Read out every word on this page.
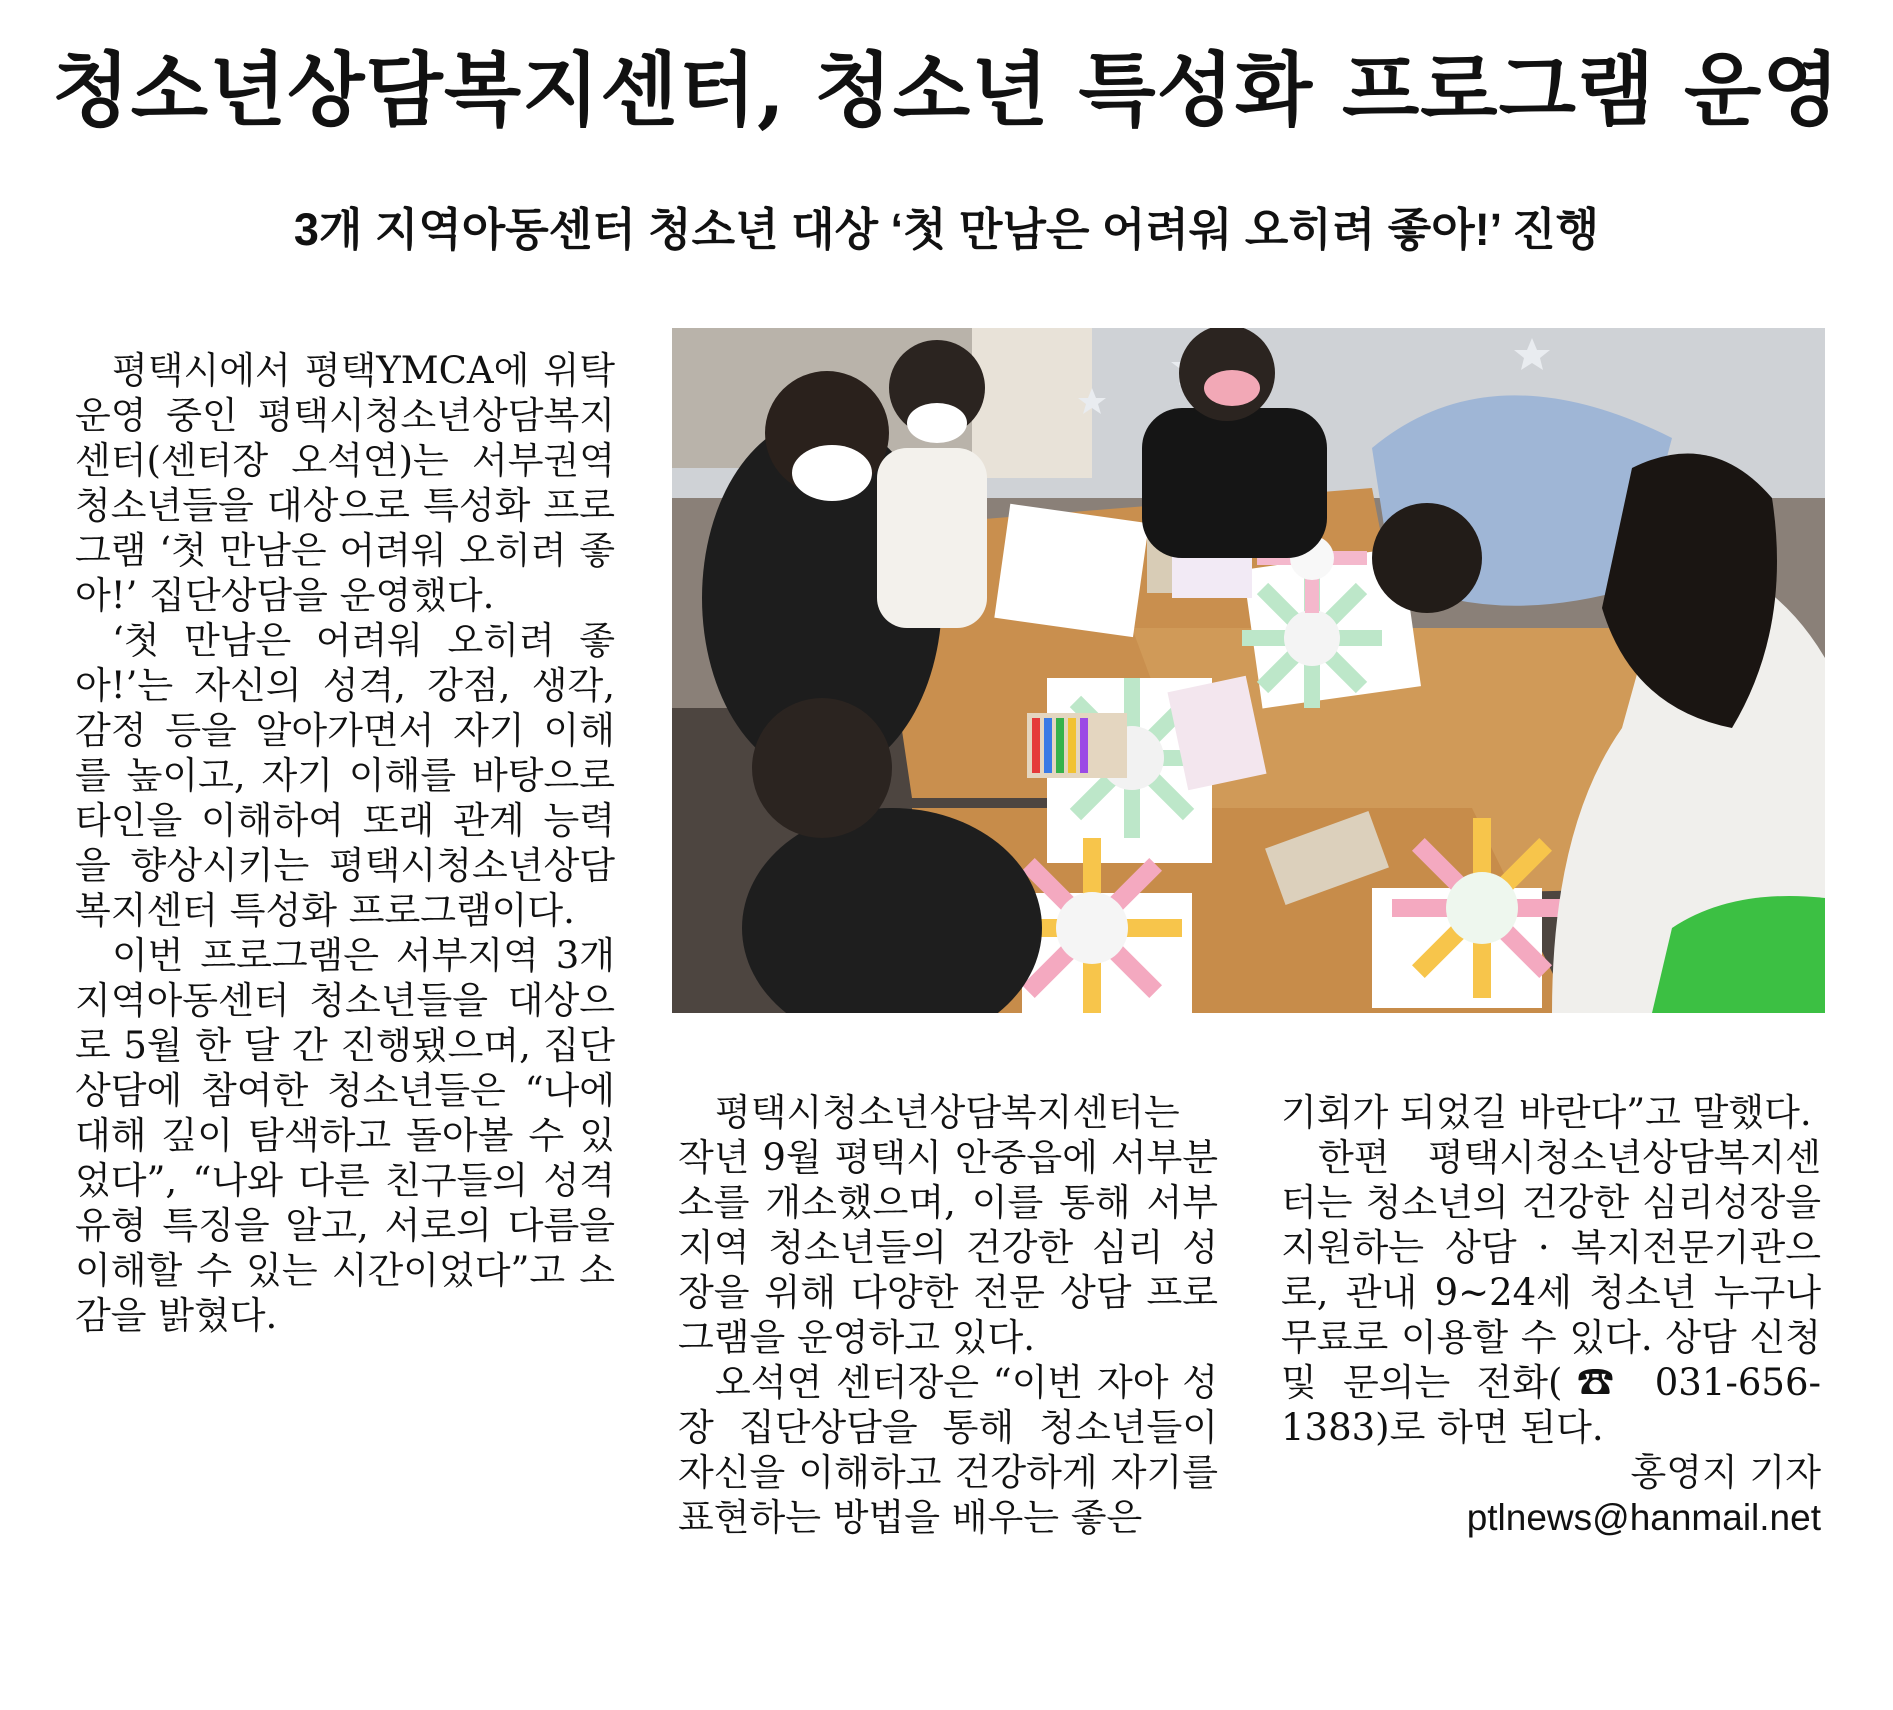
청소년상담복지센터, 청소년 특성화 프로그램 운영
3개 지역아동센터 청소년 대상 ‘첫 만남은 어려워 오히려 좋아!’ 진행

평택시에서 평택YMCA에 위탁 운영 중인 평택시청소년상담복지센터(센터장 오석연)는 서부권역 청소년들을 대상으로 특성화 프로그램 ‘첫 만남은 어려워 오히려 좋아!’ 집단상담을 운영했다.

‘첫 만남은 어려워 오히려 좋아!’는 자신의 성격, 강점, 생각, 감정 등을 알아가면서 자기 이해를 높이고, 자기 이해를 바탕으로 타인을 이해하여 또래 관계 능력을 향상시키는 평택시청소년상담복지센터 특성화 프로그램이다.

이번 프로그램은 서부지역 3개 지역아동센터 청소년들을 대상으로 5월 한 달 간 진행됐으며, 집단상담에 참여한 청소년들은 “나에 대해 깊이 탐색하고 돌아볼 수 있었다”, “나와 다른 친구들의 성격 유형 특징을 알고, 서로의 다름을 이해할 수 있는 시간이었다”고 소감을 밝혔다.

평택시청소년상담복지센터는 작년 9월 평택시 안중읍에 서부분소를 개소했으며, 이를 통해 서부 지역 청소년들의 건강한 심리 성장을 위해 다양한 전문 상담 프로그램을 운영하고 있다.

오석연 센터장은 “이번 자아 성장 집단상담을 통해 청소년들이 자신을 이해하고 건강하게 자기를 표현하는 방법을 배우는 좋은

기회가 되었길 바란다”고 말했다.

한편 평택시청소년상담복지센터는 청소년의 건강한 심리성장을 지원하는 상담 · 복지전문기관으로, 관내 9~24세 청소년 누구나 무료로 이용할 수 있다. 상담 신청 및 문의는 전화(☎ 031-656-1383)로 하면 된다.

홍영지 기자

ptlnews@hanmail.net
